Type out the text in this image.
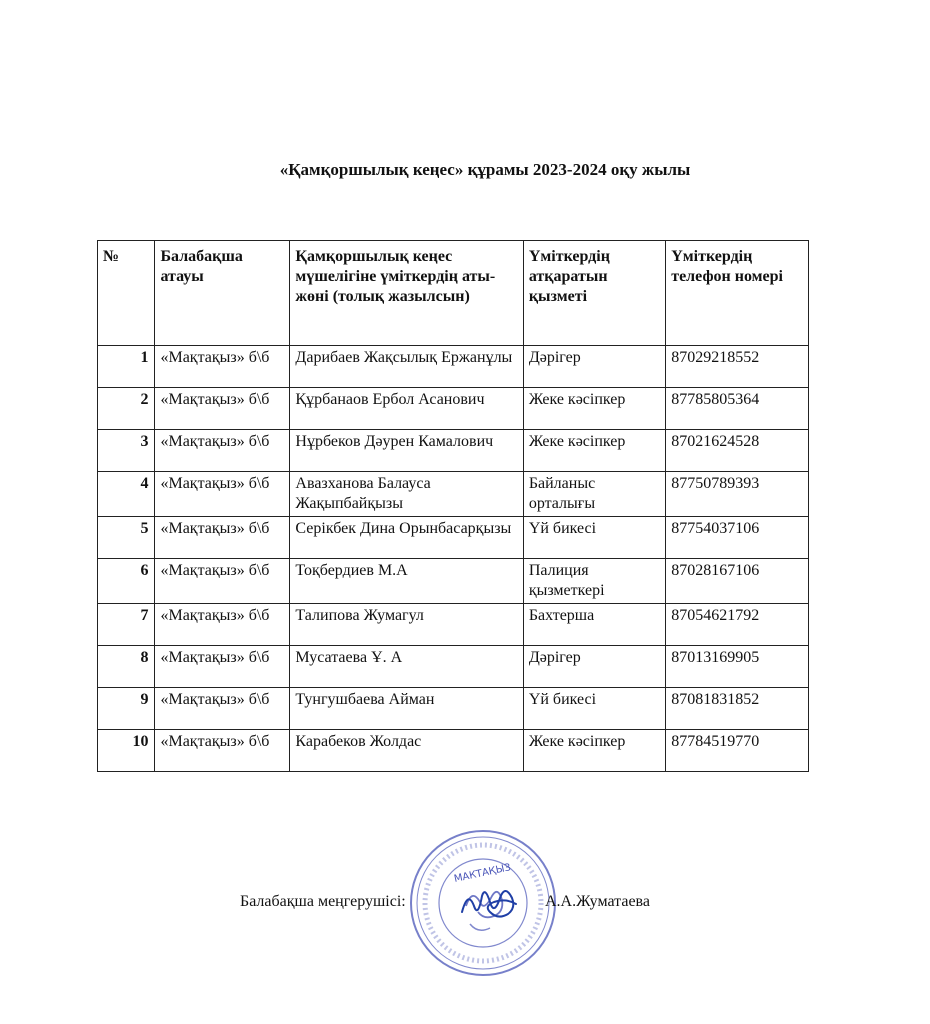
«Қамқоршылық кеңес» құрамы 2023-2024 оқу жылы
№	Балабақша атауы	Қамқоршылық кеңес мүшелігіне үміткердің аты-жөні (толық жазылсын)	Үміткердің атқаратын қызметі	Үміткердің телефон номері
1	«Мақтақыз» б\б	Дарибаев Жақсылық Ержанұлы	Дәрігер	87029218552
2	«Мақтақыз» б\б	Құрбанаов Ербол Асанович	Жеке кәсіпкер	87785805364
3	«Мақтақыз» б\б	Нұрбеков Дәурен Камалович	Жеке кәсіпкер	87021624528
4	«Мақтақыз» б\б	Авазханова Балауса Жақыпбайқызы	Байланыс орталығы	87750789393
5	«Мақтақыз» б\б	Серікбек Дина Орынбасарқызы	Үй бикесі	87754037106
6	«Мақтақыз» б\б	Тоқбердиев М.А	Палиция қызметкері	87028167106
7	«Мақтақыз» б\б	Талипова Жумагул	Бахтерша	87054621792
8	«Мақтақыз» б\б	Мусатаева Ұ. А	Дәрігер	87013169905
9	«Мақтақыз» б\б	Тунгушбаева Айман	Үй бикесі	87081831852
10	«Мақтақыз» б\б	Карабеков Жолдас	Жеке кәсіпкер	87784519770
Балабақша меңгерушісі:
МАКТАҚЫЗ
А.А.Жуматаева
